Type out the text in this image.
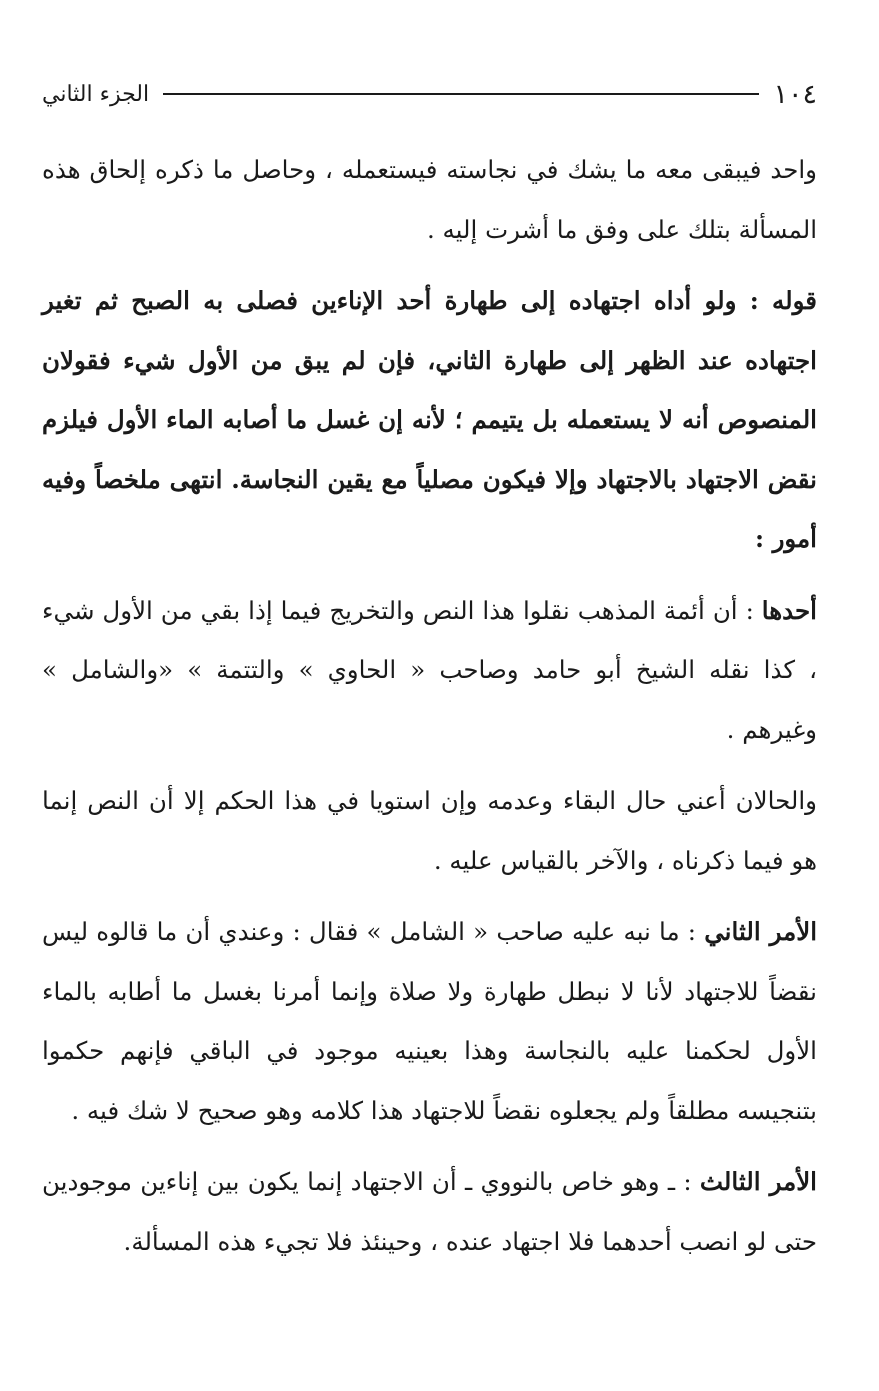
١٠٤
الجزء الثاني

واحد فيبقى معه ما يشك في نجاسته فيستعمله ، وحاصل ما ذكره إلحاق هذه المسألة بتلك على وفق ما أشرت إليه .

قوله : ولو أداه اجتهاده إلى طهارة أحد الإناءين فصلى به الصبح ثم تغير اجتهاده عند الظهر إلى طهارة الثاني، فإن لم يبق من الأول شيء فقولان المنصوص أنه لا يستعمله بل يتيمم ؛ لأنه إن غسل ما أصابه الماء الأول فيلزم نقض الاجتهاد بالاجتهاد وإلا فيكون مصلياً مع يقين النجاسة. انتهى ملخصاً وفيه أمور :

أحدها : أن أئمة المذهب نقلوا هذا النص والتخريج فيما إذا بقي من الأول شيء ، كذا نقله الشيخ أبو حامد وصاحب « الحاوي » والتتمة » «والشامل » وغيرهم .

والحالان أعني حال البقاء وعدمه وإن استويا في هذا الحكم إلا أن النص إنما هو فيما ذكرناه ، والآخر بالقياس عليه .

الأمر الثاني : ما نبه عليه صاحب « الشامل » فقال : وعندي أن ما قالوه ليس نقضاً للاجتهاد لأنا لا نبطل طهارة ولا صلاة وإنما أمرنا بغسل ما أطابه بالماء الأول لحكمنا عليه بالنجاسة وهذا بعينيه موجود في الباقي فإنهم حكموا بتنجيسه مطلقاً ولم يجعلوه نقضاً للاجتهاد هذا كلامه وهو صحيح لا شك فيه .

الأمر الثالث : ـ وهو خاص بالنووي ـ أن الاجتهاد إنما يكون بين إناءين موجودين حتى لو انصب أحدهما فلا اجتهاد عنده ، وحينئذ فلا تجيء هذه المسألة.
